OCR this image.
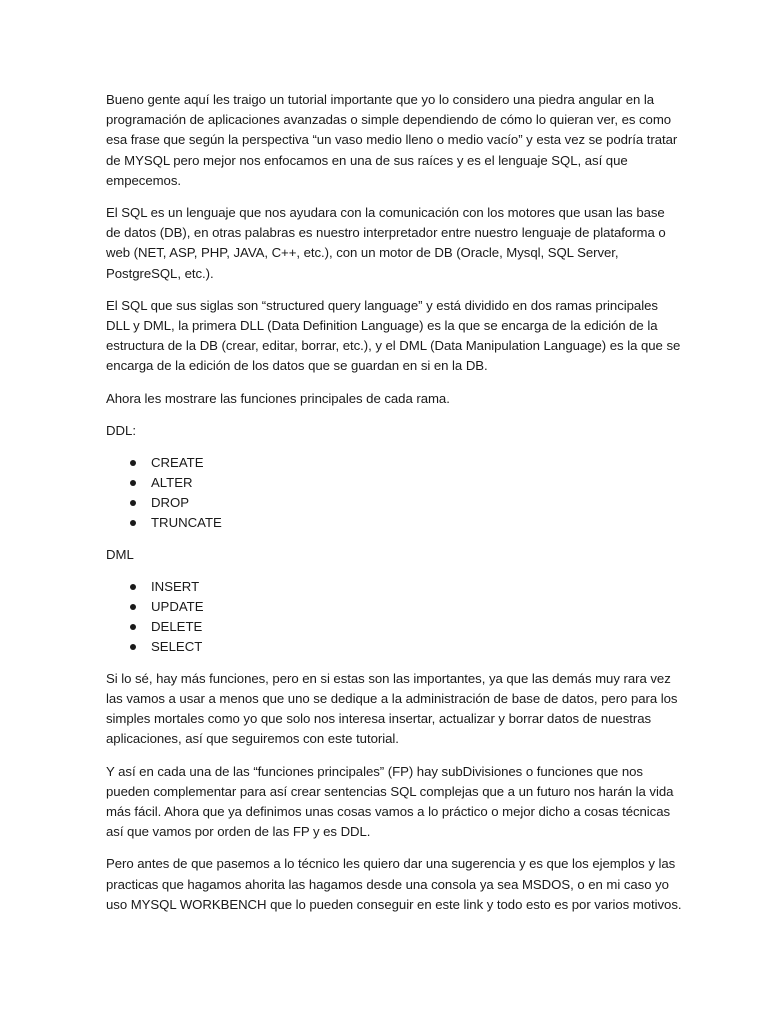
Bueno gente aquí les traigo un tutorial importante que yo lo considero una piedra angular en la programación de aplicaciones avanzadas o simple dependiendo de cómo lo quieran ver, es como esa frase que según la perspectiva “un vaso medio lleno o medio vacío” y esta vez se podría tratar de MYSQL pero mejor nos enfocamos en una de sus raíces y es el lenguaje SQL, así que empecemos.

El SQL es un lenguaje que nos ayudara con la comunicación con los motores que usan las base de datos (DB), en otras palabras es nuestro interpretador entre nuestro lenguaje de plataforma o web (NET, ASP, PHP, JAVA, C++, etc.), con un motor de DB (Oracle, Mysql, SQL Server, PostgreSQL, etc.).

El SQL que sus siglas son “structured query language” y está dividido en dos ramas principales DLL y DML, la primera DLL (Data Definition Language) es la que se encarga de la edición de la estructura de la DB (crear, editar, borrar, etc.), y el DML (Data Manipulation Language) es la que se encarga de la edición de los datos que se guardan en si en la DB.

Ahora les mostrare las funciones principales de cada rama.

DDL:

CREATE
ALTER
DROP
TRUNCATE

DML

INSERT
UPDATE
DELETE
SELECT

Si lo sé, hay más funciones, pero en si estas son las importantes, ya que las demás muy rara vez las vamos a usar a menos que uno se dedique a la administración de base de datos, pero para los simples mortales como yo que solo nos interesa insertar, actualizar y borrar datos de nuestras aplicaciones, así que seguiremos con este tutorial.

Y así en cada una de las “funciones principales” (FP) hay subDivisiones o funciones que nos pueden complementar para así crear sentencias SQL complejas que a un futuro nos harán la vida más fácil. Ahora que ya definimos unas cosas vamos a lo práctico o mejor dicho a cosas técnicas así que vamos por orden de las FP y es DDL.

Pero antes de que pasemos a lo técnico les quiero dar una sugerencia y es que los ejemplos y las practicas que hagamos ahorita las hagamos desde una consola ya sea MSDOS, o en mi caso yo uso MYSQL WORKBENCH que lo pueden conseguir en este link y todo esto es por varios motivos.
